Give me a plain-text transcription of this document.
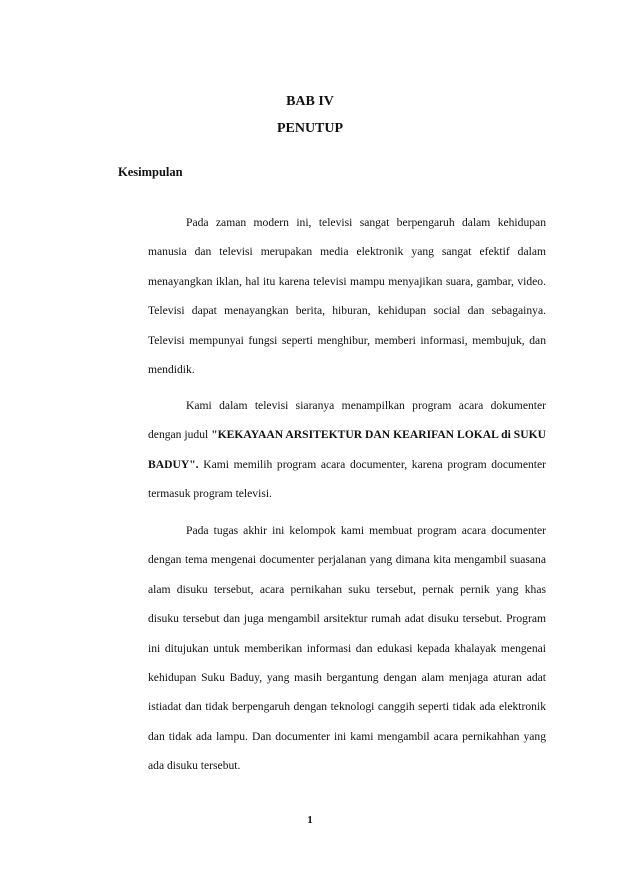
BAB IV
PENUTUP
Kesimpulan

Pada zaman modern ini, televisi sangat berpengaruh dalam kehidupan manusia dan televisi merupakan media elektronik yang sangat efektif dalam menayangkan iklan, hal itu karena televisi mampu menyajikan suara, gambar, video. Televisi dapat menayangkan berita, hiburan, kehidupan social dan sebagainya. Televisi mempunyai fungsi seperti menghibur, memberi informasi, membujuk, dan mendidik.

Kami dalam televisi siaranya menampilkan program acara dokumenter dengan judul "KEKAYAAN ARSITEKTUR DAN KEARIFAN LOKAL di SUKU BADUY". Kami memilih program acara documenter, karena program documenter termasuk program televisi.

Pada tugas akhir ini kelompok kami membuat program acara documenter dengan tema mengenai documenter perjalanan yang dimana kita mengambil suasana alam disuku tersebut, acara pernikahan suku tersebut, pernak pernik yang khas disuku tersebut dan juga mengambil arsitektur rumah adat disuku tersebut. Program ini ditujukan untuk memberikan informasi dan edukasi kepada khalayak mengenai kehidupan Suku Baduy, yang masih bergantung dengan alam menjaga aturan adat istiadat dan tidak berpengaruh dengan teknologi canggih seperti tidak ada elektronik dan tidak ada lampu. Dan documenter ini kami mengambil acara pernikahhan yang ada disuku tersebut.

1
